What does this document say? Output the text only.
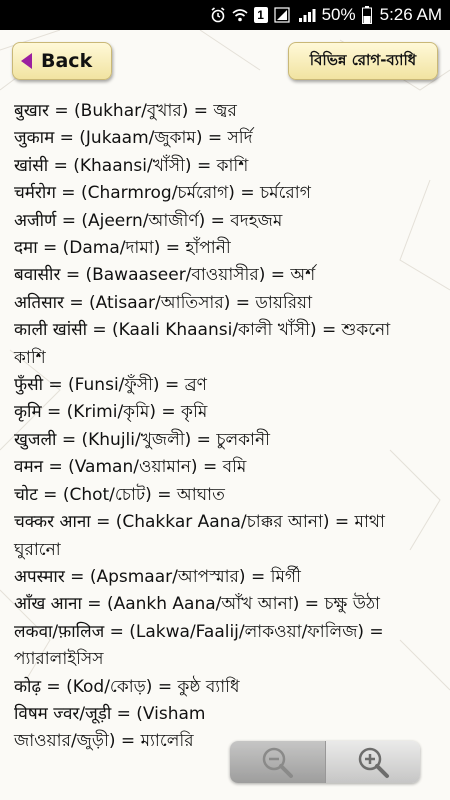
1	50% 5:26 AM
Back	বিভিন্ন রোগ-ব্যাধি

बुखार = (Bukhar/বুখার) = জ্বর

जुकाम = (Jukaam/জুকাম) = সর্দি

खांसी = (Khaansi/খাঁসী) = কাশি

चर्मरोग = (Charmrog/চর্মরোগ) = চর্মরোগ

अजीर्ण = (Ajeern/আজীর্ণ) = বদহজম

दमा = (Dama/দামা) = হাঁপানী

बवासीर = (Bawaaseer/বাওয়াসীর) = অর্শ

अतिसार = (Atisaar/আতিসার) = ডায়রিয়া

काली खांसी = (Kaali Khaansi/কালী খাঁসী) = শুকনো কাশি

फुँसी = (Funsi/ফুঁসী) = ব্রণ

कृमि = (Krimi/কৃমি) = কৃমি

खुजली = (Khujli/খুজলী) = চুলকানী

वमन = (Vaman/ওয়ামান) = বমি

चोट = (Chot/চোট) = আঘাত

चक्कर आना = (Chakkar Aana/চাক্কর আনা) = মাথা ঘুরানো

अपस्मार = (Apsmaar/আপস্মার) = মির্গী

आँख आना = (Aankh Aana/আঁখ আনা) = চক্ষু উঠা

लकवा/फ़ालिज = (Lakwa/Faalij/লাকওয়া/ফালিজ) = প্যারালাইসিস

कोढ़ = (Kod/কোড়) = কুষ্ঠ ব্যাধি

विषम ज्वर/जूड़ी = (Visham

জাওয়ার/জুড়ী) = ম্যালেরি
